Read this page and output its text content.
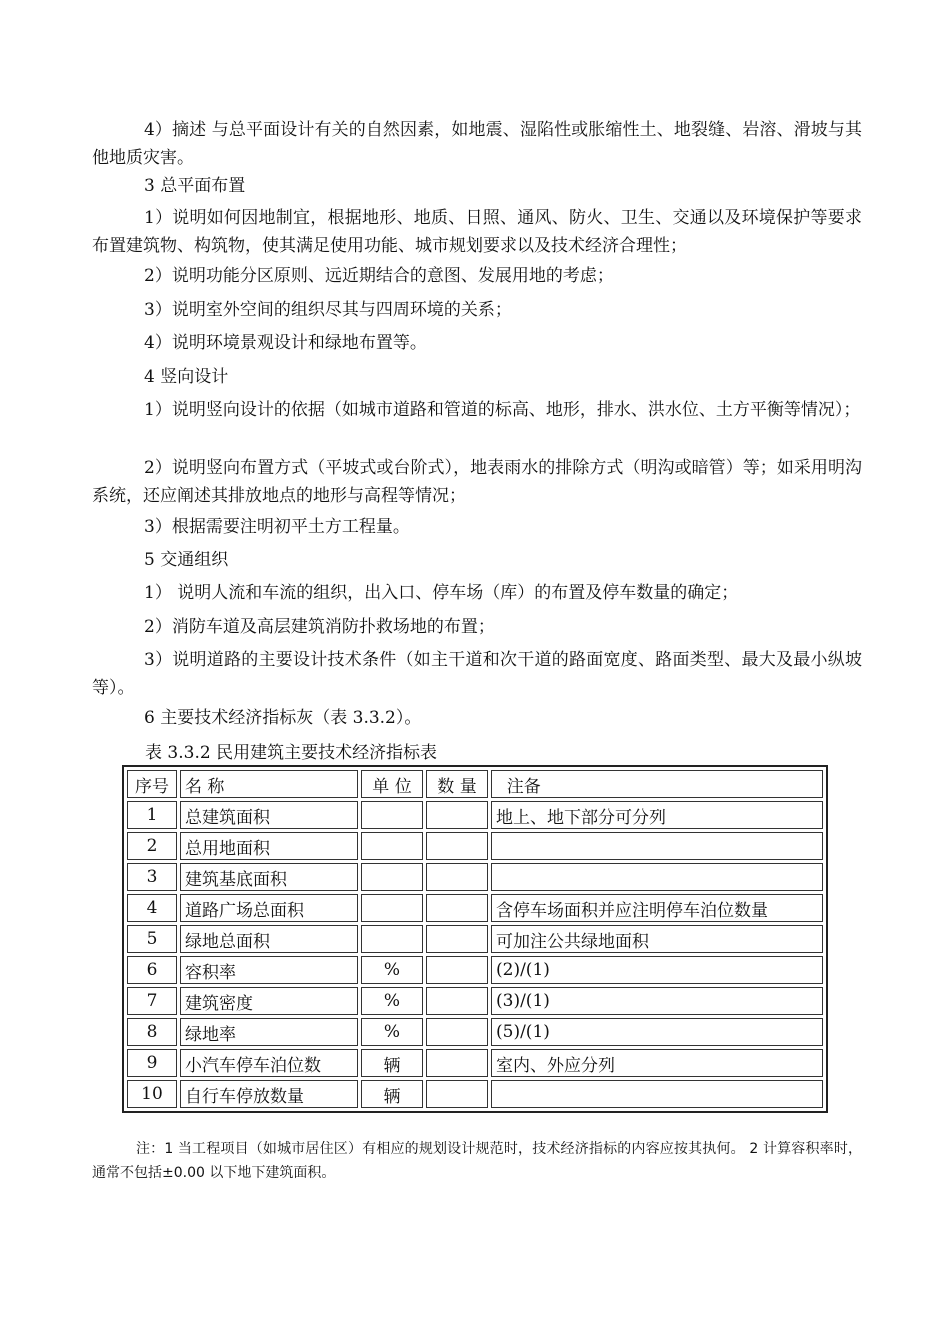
4）摘述 与总平面设计有关的自然因素，如地震、湿陷性或胀缩性土、地裂缝、岩溶、滑坡与其他地质灾害。

3 总平面布置

1）说明如何因地制宜，根据地形、地质、日照、通风、防火、卫生、交通以及环境保护等要求布置建筑物、构筑物，使其满足使用功能、城市规划要求以及技术经济合理性；

2）说明功能分区原则、远近期结合的意图、发展用地的考虑；

3）说明室外空间的组织尽其与四周环境的关系；

4）说明环境景观设计和绿地布置等。

4 竖向设计

1）说明竖向设计的依据（如城市道路和管道的标高、地形，排水、洪水位、土方平衡等情况）；

2）说明竖向布置方式（平坡式或台阶式），地表雨水的排除方式（明沟或暗管）等；如采用明沟系统，还应阐述其排放地点的地形与高程等情况；

3）根据需要注明初平土方工程量。

5 交通组织

1） 说明人流和车流的组织，出入口、停车场（库）的布置及停车数量的确定；

2）消防车道及高层建筑消防扑救场地的布置；

3）说明道路的主要设计技术条件（如主干道和次干道的路面宽度、路面类型、最大及最小纵坡等）。

6 主要技术经济指标灰（表 3.3.2）。

表 3.3.2 民用建筑主要技术经济指标表

序号	名 称	单 位	数 量	注备
1	总建筑面积			地上、地下部分可分列
2	总用地面积			
3	建筑基底面积			
4	道路广场总面积			含停车场面积并应注明停车泊位数量
5	绿地总面积			可加注公共绿地面积
6	容积率	%		(2)/(1)
7	建筑密度	%		(3)/(1)
8	绿地率	%		(5)/(1)
9	小汽车停车泊位数	辆		室内、外应分列
10	自行车停放数量	辆		

注：1 当工程项目（如城市居住区）有相应的规划设计规范时，技术经济指标的内容应按其执何。 2 计算容积率时，通常不包括±0.00 以下地下建筑面积。
